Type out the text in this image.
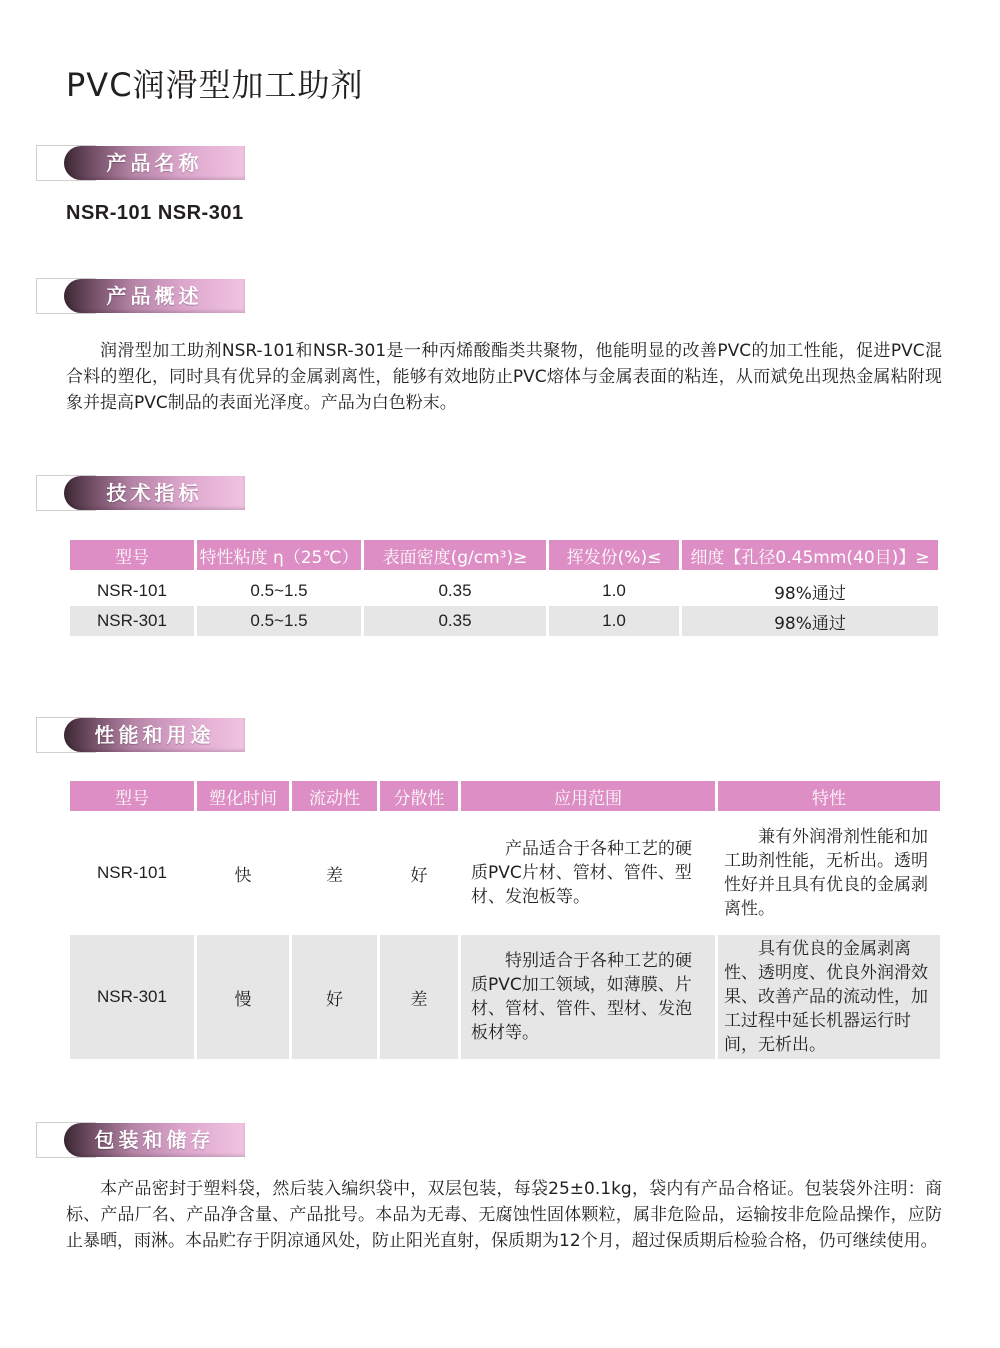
PVC润滑型加工助剂
产品名称

NSR-101 NSR-301

产品概述

润滑型加工助剂NSR-101和NSR-301是一种丙烯酸酯类共聚物，他能明显的改善PVC的加工性能，促进PVC混合料的塑化，同时具有优异的金属剥离性，能够有效地防止PVC熔体与金属表面的粘连，从而斌免出现热金属粘附现象并提高PVC制品的表面光泽度。产品为白色粉末。

技术指标
型号	特性粘度 η（25℃）	表面密度(g/cm³)≥	挥发份(%)≤	细度【孔径0.45mm(40目)】≥

NSR-101	0.5~1.5	0.35	1.0	98%通过
NSR-301	0.5~1.5	0.35	1.0	98%通过
性能和用途
型号	塑化时间	流动性	分散性	应用范围	特性

NSR-101	快	差	好	产品适合于各种工艺的硬质PVC片材、管材、管件、型材、发泡板等。	兼有外润滑剂性能和加工助剂性能，无析出。透明性好并且具有优良的金属剥离性。

NSR-301	慢	好	差	特别适合于各种工艺的硬质PVC加工领域，如薄膜、片材、管材、管件、型材、发泡板材等。	具有优良的金属剥离性、透明度、优良外润滑效果、改善产品的流动性，加工过程中延长机器运行时间，无析出。
包装和储存

本产品密封于塑料袋，然后装入编织袋中，双层包装，每袋25±0.1kg，袋内有产品合格证。包装袋外注明：商标、产品厂名、产品净含量、产品批号。本品为无毒、无腐蚀性固体颗粒，属非危险品，运输按非危险品操作，应防止暴晒，雨淋。本品贮存于阴凉通风处，防止阳光直射，保质期为12个月，超过保质期后检验合格，仍可继续使用。
